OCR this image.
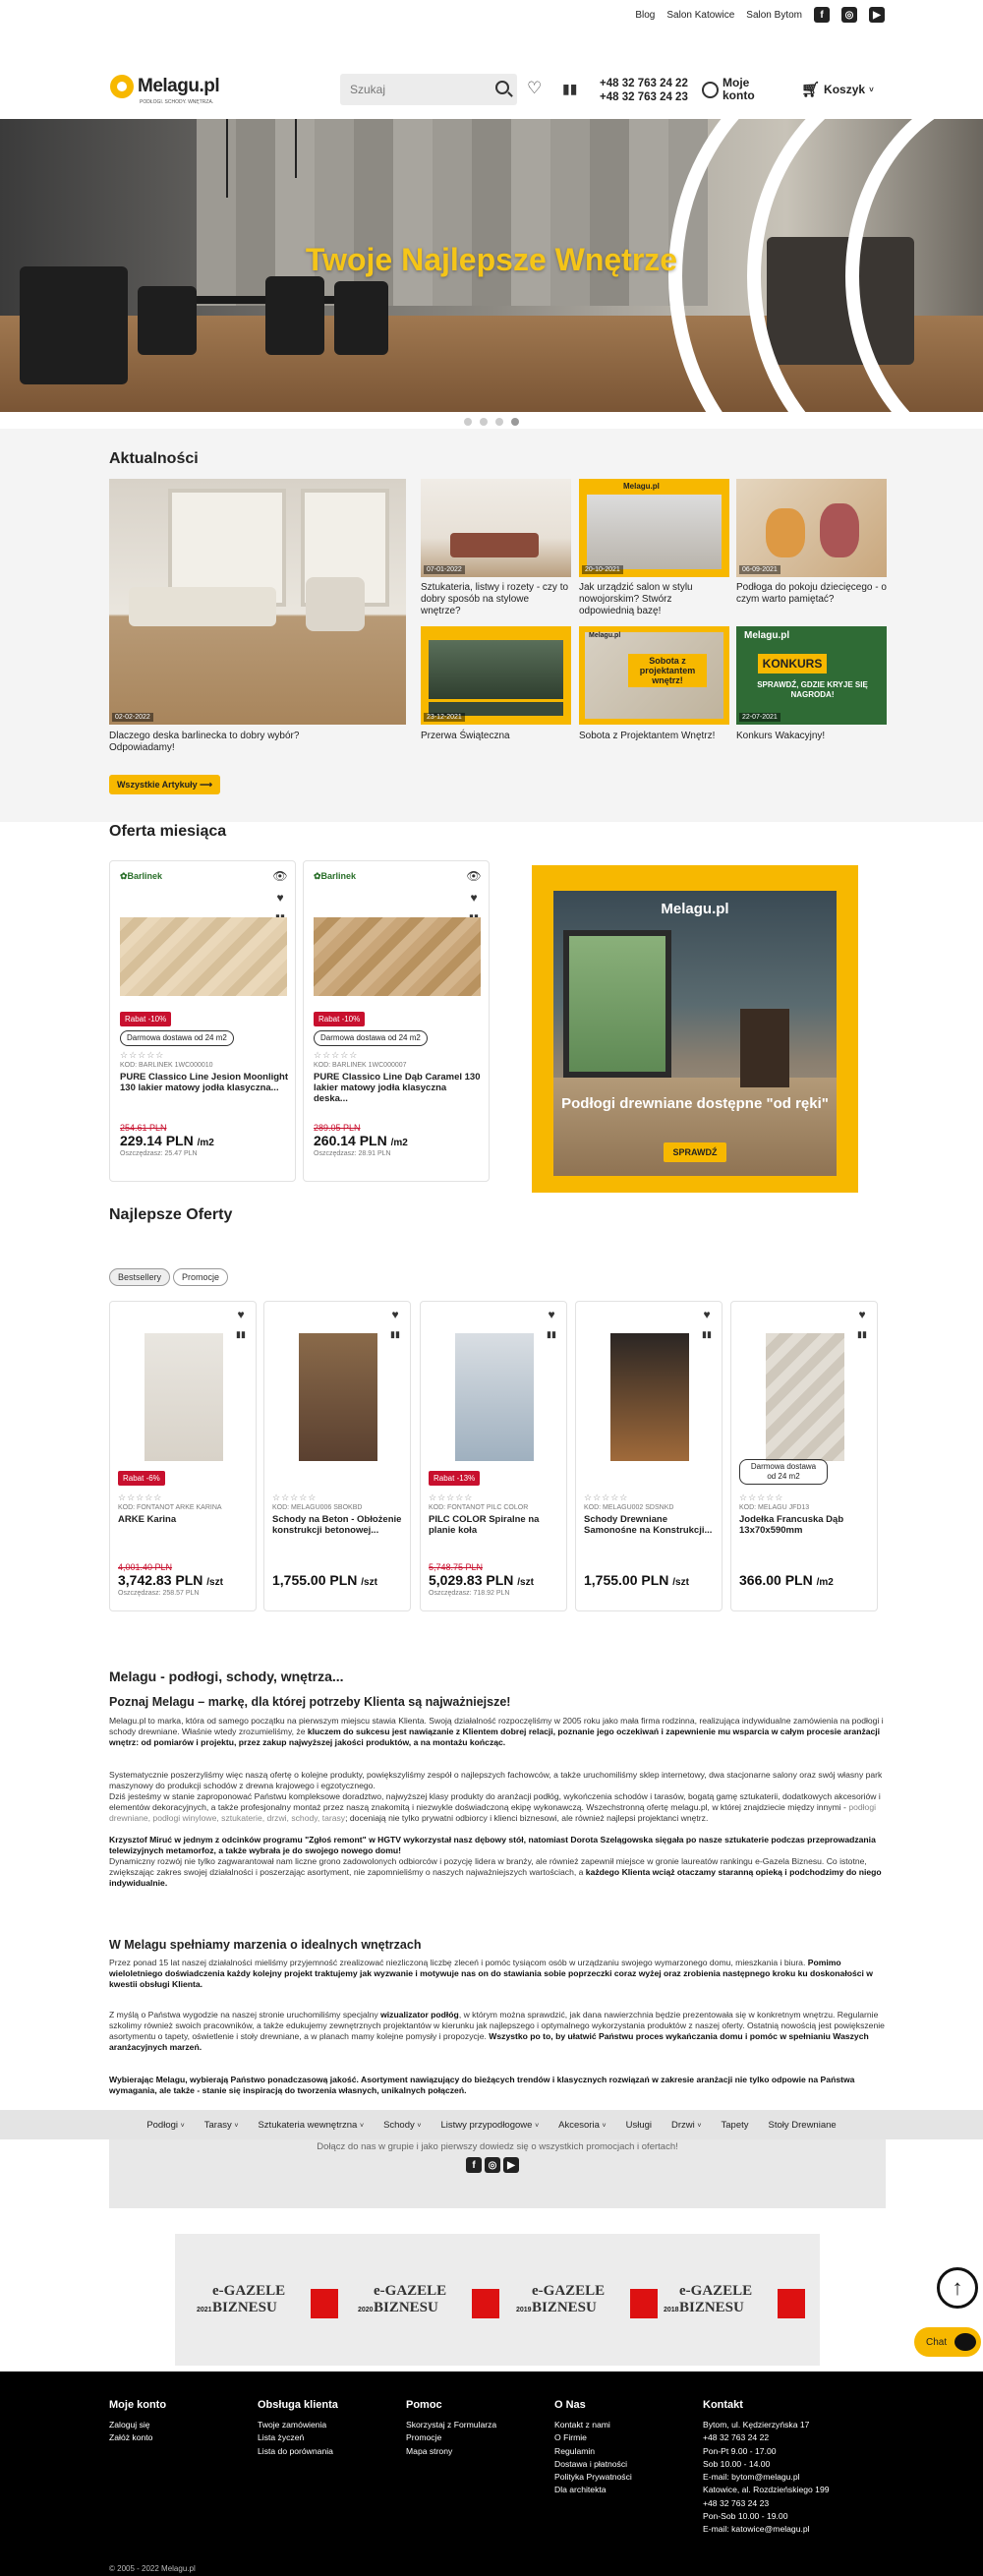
Blog Salon Katowice Salon Bytom	f	◎	▶
Melagu.pl
PODŁOGI. SCHODY. WNĘTRZA.
Szukaj	♡ ▮▮ +48 32 763 24 22
+48 32 763 24 23
Moje konto	🛒︎ Koszyk ˅
Twoje Najlepsze Wnętrze
Aktualności
02-02-2022
Dlaczego deska barlinecka to dobry wybór? Odpowiadamy!
07-01-2022
Sztukateria, listwy i rozety - czy to dobry sposób na stylowe wnętrze?
Melagu.pl
20-10-2021
Jak urządzić salon w stylu nowojorskim? Stwórz odpowiednią bazę!
06-09-2021
Podłoga do pokoju dziecięcego - o czym warto pamiętać?
23-12-2021
Przerwa Świąteczna
Melagu.pl
Sobota z projektantem wnętrz!
Sobota z Projektantem Wnętrz!
Melagu.pl
KONKURS
SPRAWDŹ, GDZIE KRYJE SIĘ NAGRODA!
22-07-2021
Konkurs Wakacyjny!
Wszystkie Artykuły ⟶
Oferta miesiąca
✿Barlinek	👁︎
♥
Rabat -10%
Darmowa dostawa od 24 m2
☆☆☆☆☆
KOD: BARLINEK 1WC000010
PURE Classico Line Jesion Moonlight 130 lakier matowy jodła klasyczna...
254.61 PLN
229.14 PLN /m2
Oszczędzasz: 25.47 PLN
✿Barlinek	👁︎
♥
Rabat -10%
Darmowa dostawa od 24 m2
☆☆☆☆☆
KOD: BARLINEK 1WC000007
PURE Classico Line Dąb Caramel 130 lakier matowy jodła klasyczna deska...
289.05 PLN
260.14 PLN /m2
Oszczędzasz: 28.91 PLN
Melagu.pl
Podłogi drewniane dostępne "od ręki"
SPRAWDŹ
Najlepsze Oferty
Bestsellery	Promocje
♥
▮▮
Rabat -6%
☆☆☆☆☆
KOD: FONTANOT ARKE KARINA
ARKE Karina
4,001.40 PLN
3,742.83 PLN /szt
Oszczędzasz: 258.57 PLN
♥
▮▮
☆☆☆☆☆
KOD: MELAGU006 SBOKBD
Schody na Beton - Obłożenie konstrukcji betonowej...
1,755.00 PLN /szt
♥
▮▮
Rabat -13%
☆☆☆☆☆
KOD: FONTANOT PILC COLOR
PILC COLOR Spiralne na planie koła
5,748.75 PLN
5,029.83 PLN /szt
Oszczędzasz: 718.92 PLN
♥
▮▮
☆☆☆☆☆
KOD: MELAGU002 SDSNKD
Schody Drewniane Samonośne na Konstrukcji...
1,755.00 PLN /szt
♥
▮▮
Darmowa dostawa od 24 m2
☆☆☆☆☆
KOD: MELAGU JFD13
Jodełka Francuska Dąb 13x70x590mm
366.00 PLN /m2
Melagu - podłogi, schody, wnętrza...
Poznaj Melagu – markę, dla której potrzeby Klienta są najważniejsze!
Melagu.pl to marka, która od samego początku na pierwszym miejscu stawia Klienta. Swoją działalność rozpoczęliśmy w 2005 roku jako mała firma rodzinna, realizująca indywidualne zamówienia na podłogi i schody drewniane. Właśnie wtedy zrozumieliśmy, że kluczem do sukcesu jest nawiązanie z Klientem dobrej relacji, poznanie jego oczekiwań i zapewnienie mu wsparcia w całym procesie aranżacji wnętrz: od pomiarów i projektu, przez zakup najwyższej jakości produktów, a na montażu kończąc.
Systematycznie poszerzyliśmy więc naszą ofertę o kolejne produkty, powiększyliśmy zespół o najlepszych fachowców, a także uruchomiliśmy sklep internetowy, dwa stacjonarne salony oraz swój własny park maszynowy do produkcji schodów z drewna krajowego i egzotycznego.
Dziś jesteśmy w stanie zaproponować Państwu kompleksowe doradztwo, najwyższej klasy produkty do aranżacji podłóg, wykończenia schodów i tarasów, bogatą gamę sztukaterii, dodatkowych akcesoriów i elementów dekoracyjnych, a także profesjonalny montaż przez naszą znakomitą i niezwykle doświadczoną ekipę wykonawczą. Wszechstronną ofertę melagu.pl, w której znajdziecie między innymi - podłogi drewniane, podłogi winylowe, sztukaterie, drzwi, schody, tarasy; doceniają nie tylko prywatni odbiorcy i klienci biznesowi, ale również najlepsi projektanci wnętrz.
Krzysztof Miruć w jednym z odcinków programu "Zgłoś remont" w HGTV wykorzystał nasz dębowy stół, natomiast Dorota Szelągowska sięgała po nasze sztukaterie podczas przeprowadzania telewizyjnych metamorfoz, a także wybrała je do swojego nowego domu!
Dynamiczny rozwój nie tylko zagwarantował nam liczne grono zadowolonych odbiorców i pozycję lidera w branży, ale również zapewnił miejsce w gronie laureatów rankingu e-Gazela Biznesu. Co istotne, zwiększając zakres swojej działalności i poszerzając asortyment, nie zapomnieliśmy o naszych najważniejszych wartościach, a każdego Klienta wciąż otaczamy staranną opieką i podchodzimy do niego indywidualnie.
W Melagu spełniamy marzenia o idealnych wnętrzach
Przez ponad 15 lat naszej działalności mieliśmy przyjemność zrealizować niezliczoną liczbę zleceń i pomóc tysiącom osób w urządzaniu swojego wymarzonego domu, mieszkania i biura. Pomimo wieloletniego doświadczenia każdy kolejny projekt traktujemy jak wyzwanie i motywuje nas on do stawiania sobie poprzeczki coraz wyżej oraz zrobienia następnego kroku ku doskonałości w kwestii obsługi Klienta.
Z myślą o Państwa wygodzie na naszej stronie uruchomiliśmy specjalny wizualizator podłóg, w którym można sprawdzić, jak dana nawierzchnia będzie prezentowała się w konkretnym wnętrzu. Regularnie szkolimy również swoich pracowników, a także edukujemy zewnętrznych projektantów w kierunku jak najlepszego i optymalnego wykorzystania produktów z naszej oferty. Ostatnią nowością jest powiększenie asortymentu o tapety, oświetlenie i stoły drewniane, a w planach mamy kolejne pomysły i propozycje. Wszystko po to, by ułatwić Państwu proces wykańczania domu i pomóc w spełnianiu Waszych aranżacyjnych marzeń.
Wybierając Melagu, wybierają Państwo ponadczasową jakość. Asortyment nawiązujący do bieżących trendów i klasycznych rozwiązań w zakresie aranżacji nie tylko odpowie na Państwa wymagania, ale także - stanie się inspiracją do tworzenia własnych, unikalnych połączeń.
Podłogi ˅ Tarasy ˅ Sztukateria wewnętrzna ˅ Schody ˅ Listwy przypodłogowe ˅ Akcesoria ˅ Usługi Drzwi ˅ Tapety Stoły Drewniane
Dołącz do nas w grupie i jako pierwszy dowiedz się o wszystkich promocjach i ofertach!
f	◎	▶
e-GAZELE BIZNESU
2021
e-GAZELE BIZNESU
2020
e-GAZELE BIZNESU
2019
e-GAZELE BIZNESU
2018
↑
Chat
© 2005 - 2022 Melagu.pl
Moje konto
Zaloguj się
Załóż konto
Obsługa klienta
Twoje zamówienia
Lista życzeń
Lista do porównania
Pomoc
Skorzystaj z Formularza
Promocje
Mapa strony
O Nas
Kontakt z nami
O Firmie
Regulamin
Dostawa i płatności
Polityka Prywatności
Dla architekta
Kontakt
Bytom, ul. Kędzierzyńska 17
+48 32 763 24 22
Pon-Pt 9.00 - 17.00
Sob 10.00 - 14.00
E-mail: bytom@melagu.pl
Katowice, al. Rozdzieńskiego 199
+48 32 763 24 23
Pon-Sob 10.00 - 19.00
E-mail: katowice@melagu.pl
